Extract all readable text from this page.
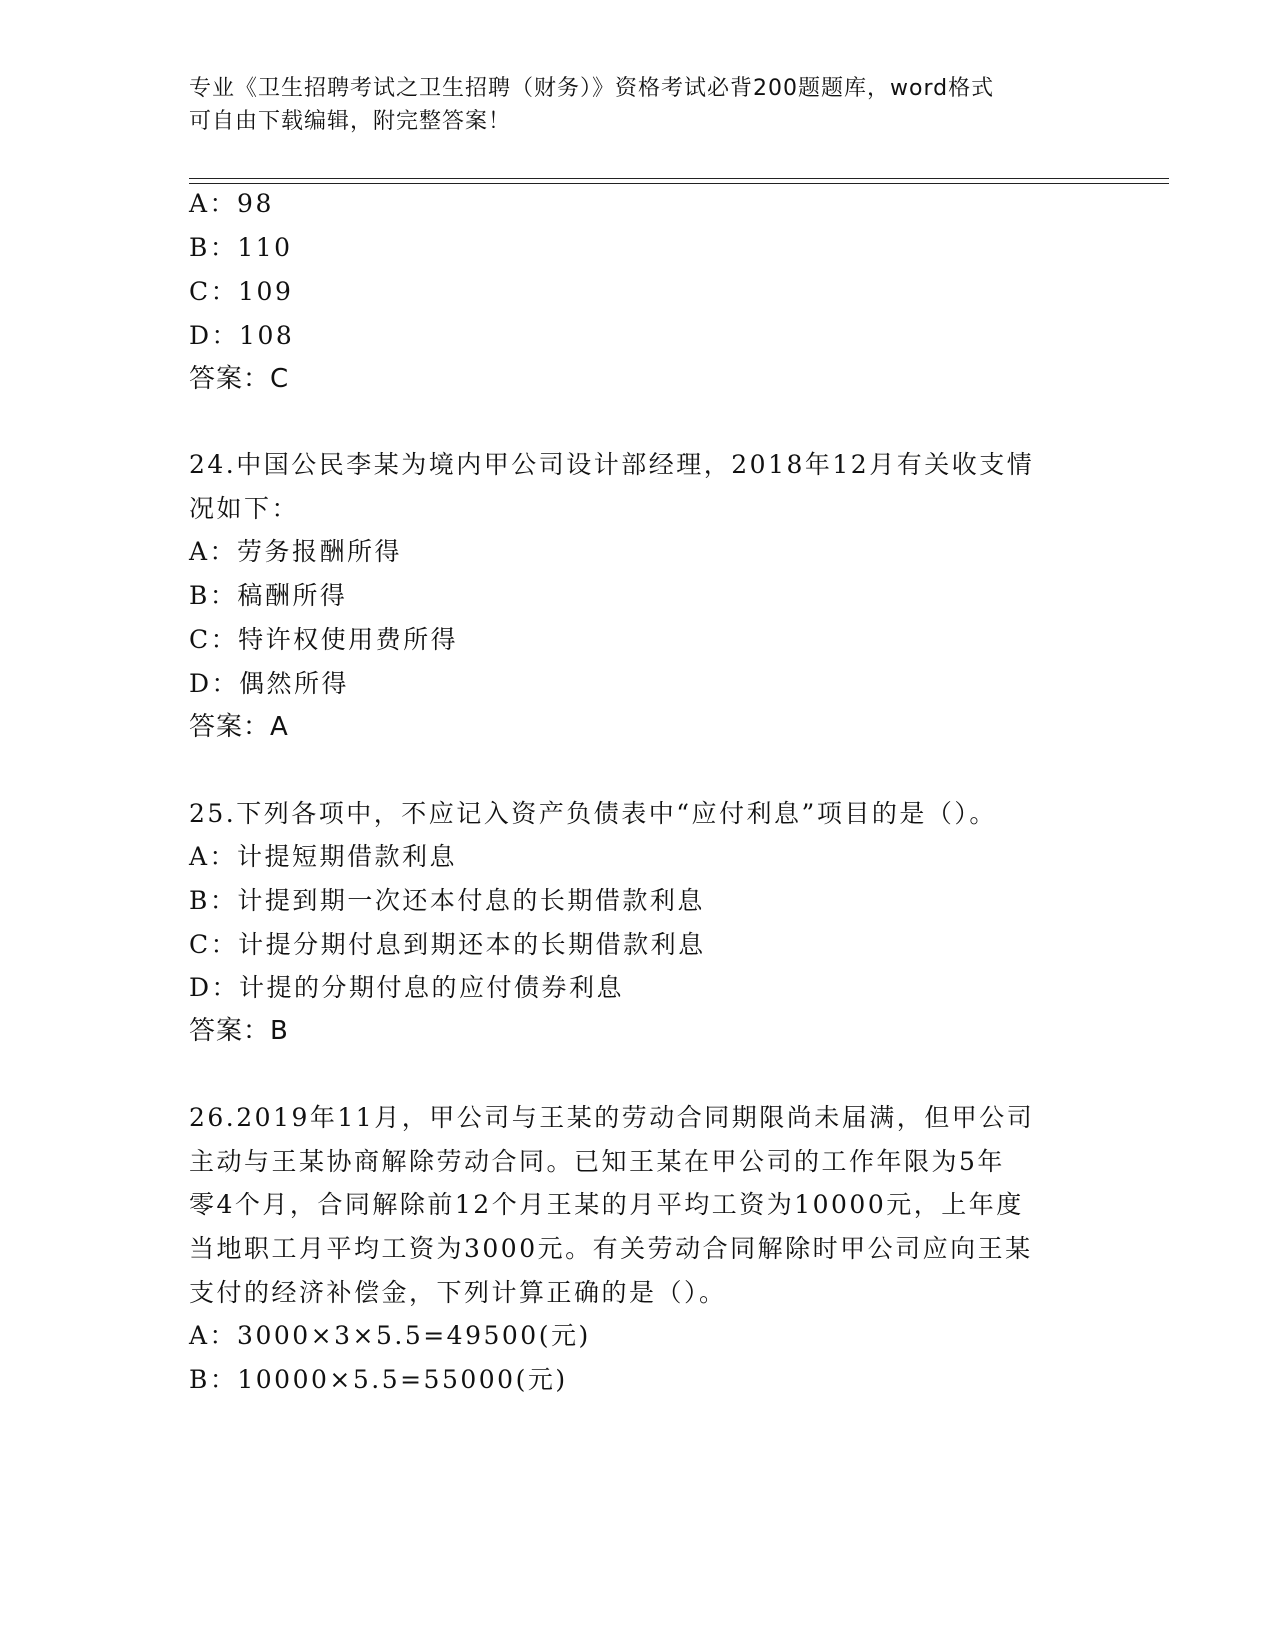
专业《卫生招聘考试之卫生招聘（财务）》资格考试必背200题题库，word格式
可自由下载编辑，附完整答案！
A：98
B：110
C：109
D：108
答案：C
24.中国公民李某为境内甲公司设计部经理，2018年12月有关收支情
况如下：
A：劳务报酬所得
B：稿酬所得
C：特许权使用费所得
D：偶然所得
答案：A
25.下列各项中，不应记入资产负债表中“应付利息”项目的是（）。
A：计提短期借款利息
B：计提到期一次还本付息的长期借款利息
C：计提分期付息到期还本的长期借款利息
D：计提的分期付息的应付债券利息
答案：B
26.2019年11月，甲公司与王某的劳动合同期限尚未届满，但甲公司
主动与王某协商解除劳动合同。已知王某在甲公司的工作年限为5年
零4个月，合同解除前12个月王某的月平均工资为10000元，上年度
当地职工月平均工资为3000元。有关劳动合同解除时甲公司应向王某
支付的经济补偿金，下列计算正确的是（）。
A：3000×3×5.5=49500(元)
B：10000×5.5=55000(元)
